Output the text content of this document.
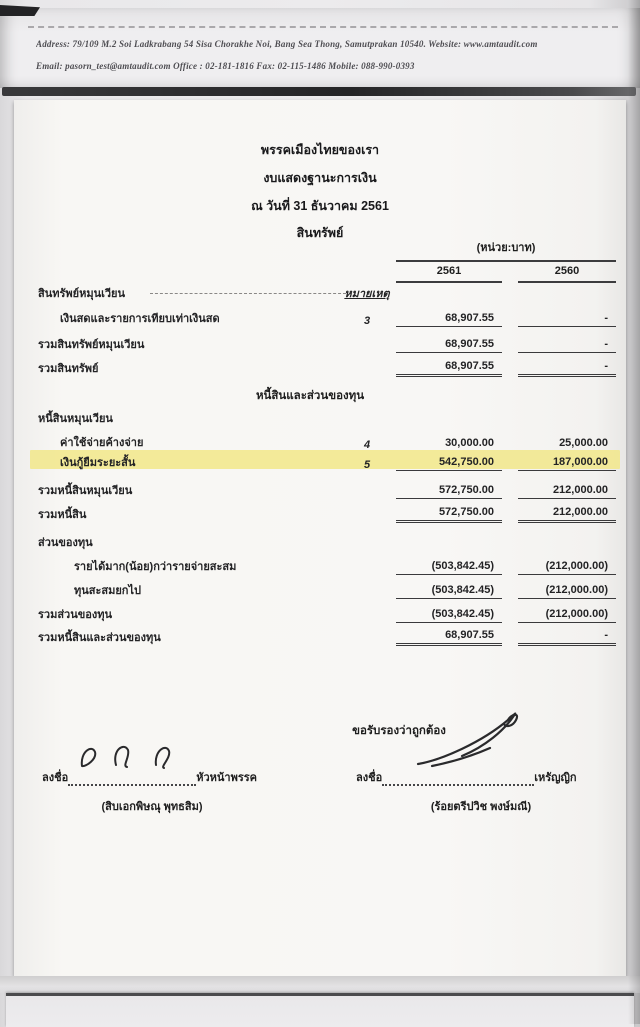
Address: 79/109 M.2 Soi Ladkrabang 54 Sisa Chorakhe Noi, Bang Sea Thong, Samutprakan 10540. Website: www.amtaudit.com
Email: pasorn_test@amtaudit.com Office : 02-181-1816 Fax: 02-115-1486 Mobile: 088-990-0393
พรรคเมืองไทยของเรา
งบแสดงฐานะการเงิน
ณ วันที่ 31 ธันวาคม 2561
สินทรัพย์
(หน่วย:บาท)
2561	2560
สินทรัพย์หมุนเวียน	หมายเหตุ
เงินสดและรายการเทียบเท่าเงินสด	3	68,907.55	-
รวมสินทรัพย์หมุนเวียน	68,907.55	-
รวมสินทรัพย์	68,907.55	-
หนี้สินและส่วนของทุน
หนี้สินหมุนเวียน
ค่าใช้จ่ายค้างจ่าย	4	30,000.00	25,000.00
เงินกู้ยืมระยะสั้น	5	542,750.00	187,000.00
รวมหนี้สินหมุนเวียน	572,750.00	212,000.00
รวมหนี้สิน	572,750.00	212,000.00
ส่วนของทุน
รายได้มาก(น้อย)กว่ารายจ่ายสะสม	(503,842.45)	(212,000.00)
ทุนสะสมยกไป	(503,842.45)	(212,000.00)
รวมส่วนของทุน	(503,842.45)	(212,000.00)
รวมหนี้สินและส่วนของทุน	68,907.55	-
ขอรับรองว่าถูกต้อง
ลงชื่อ	หัวหน้าพรรค	ลงชื่อ	เหรัญญิก
(สิบเอกพิษณุ พุทธสิม)	(ร้อยตรีปวิช พงษ์มณี)
